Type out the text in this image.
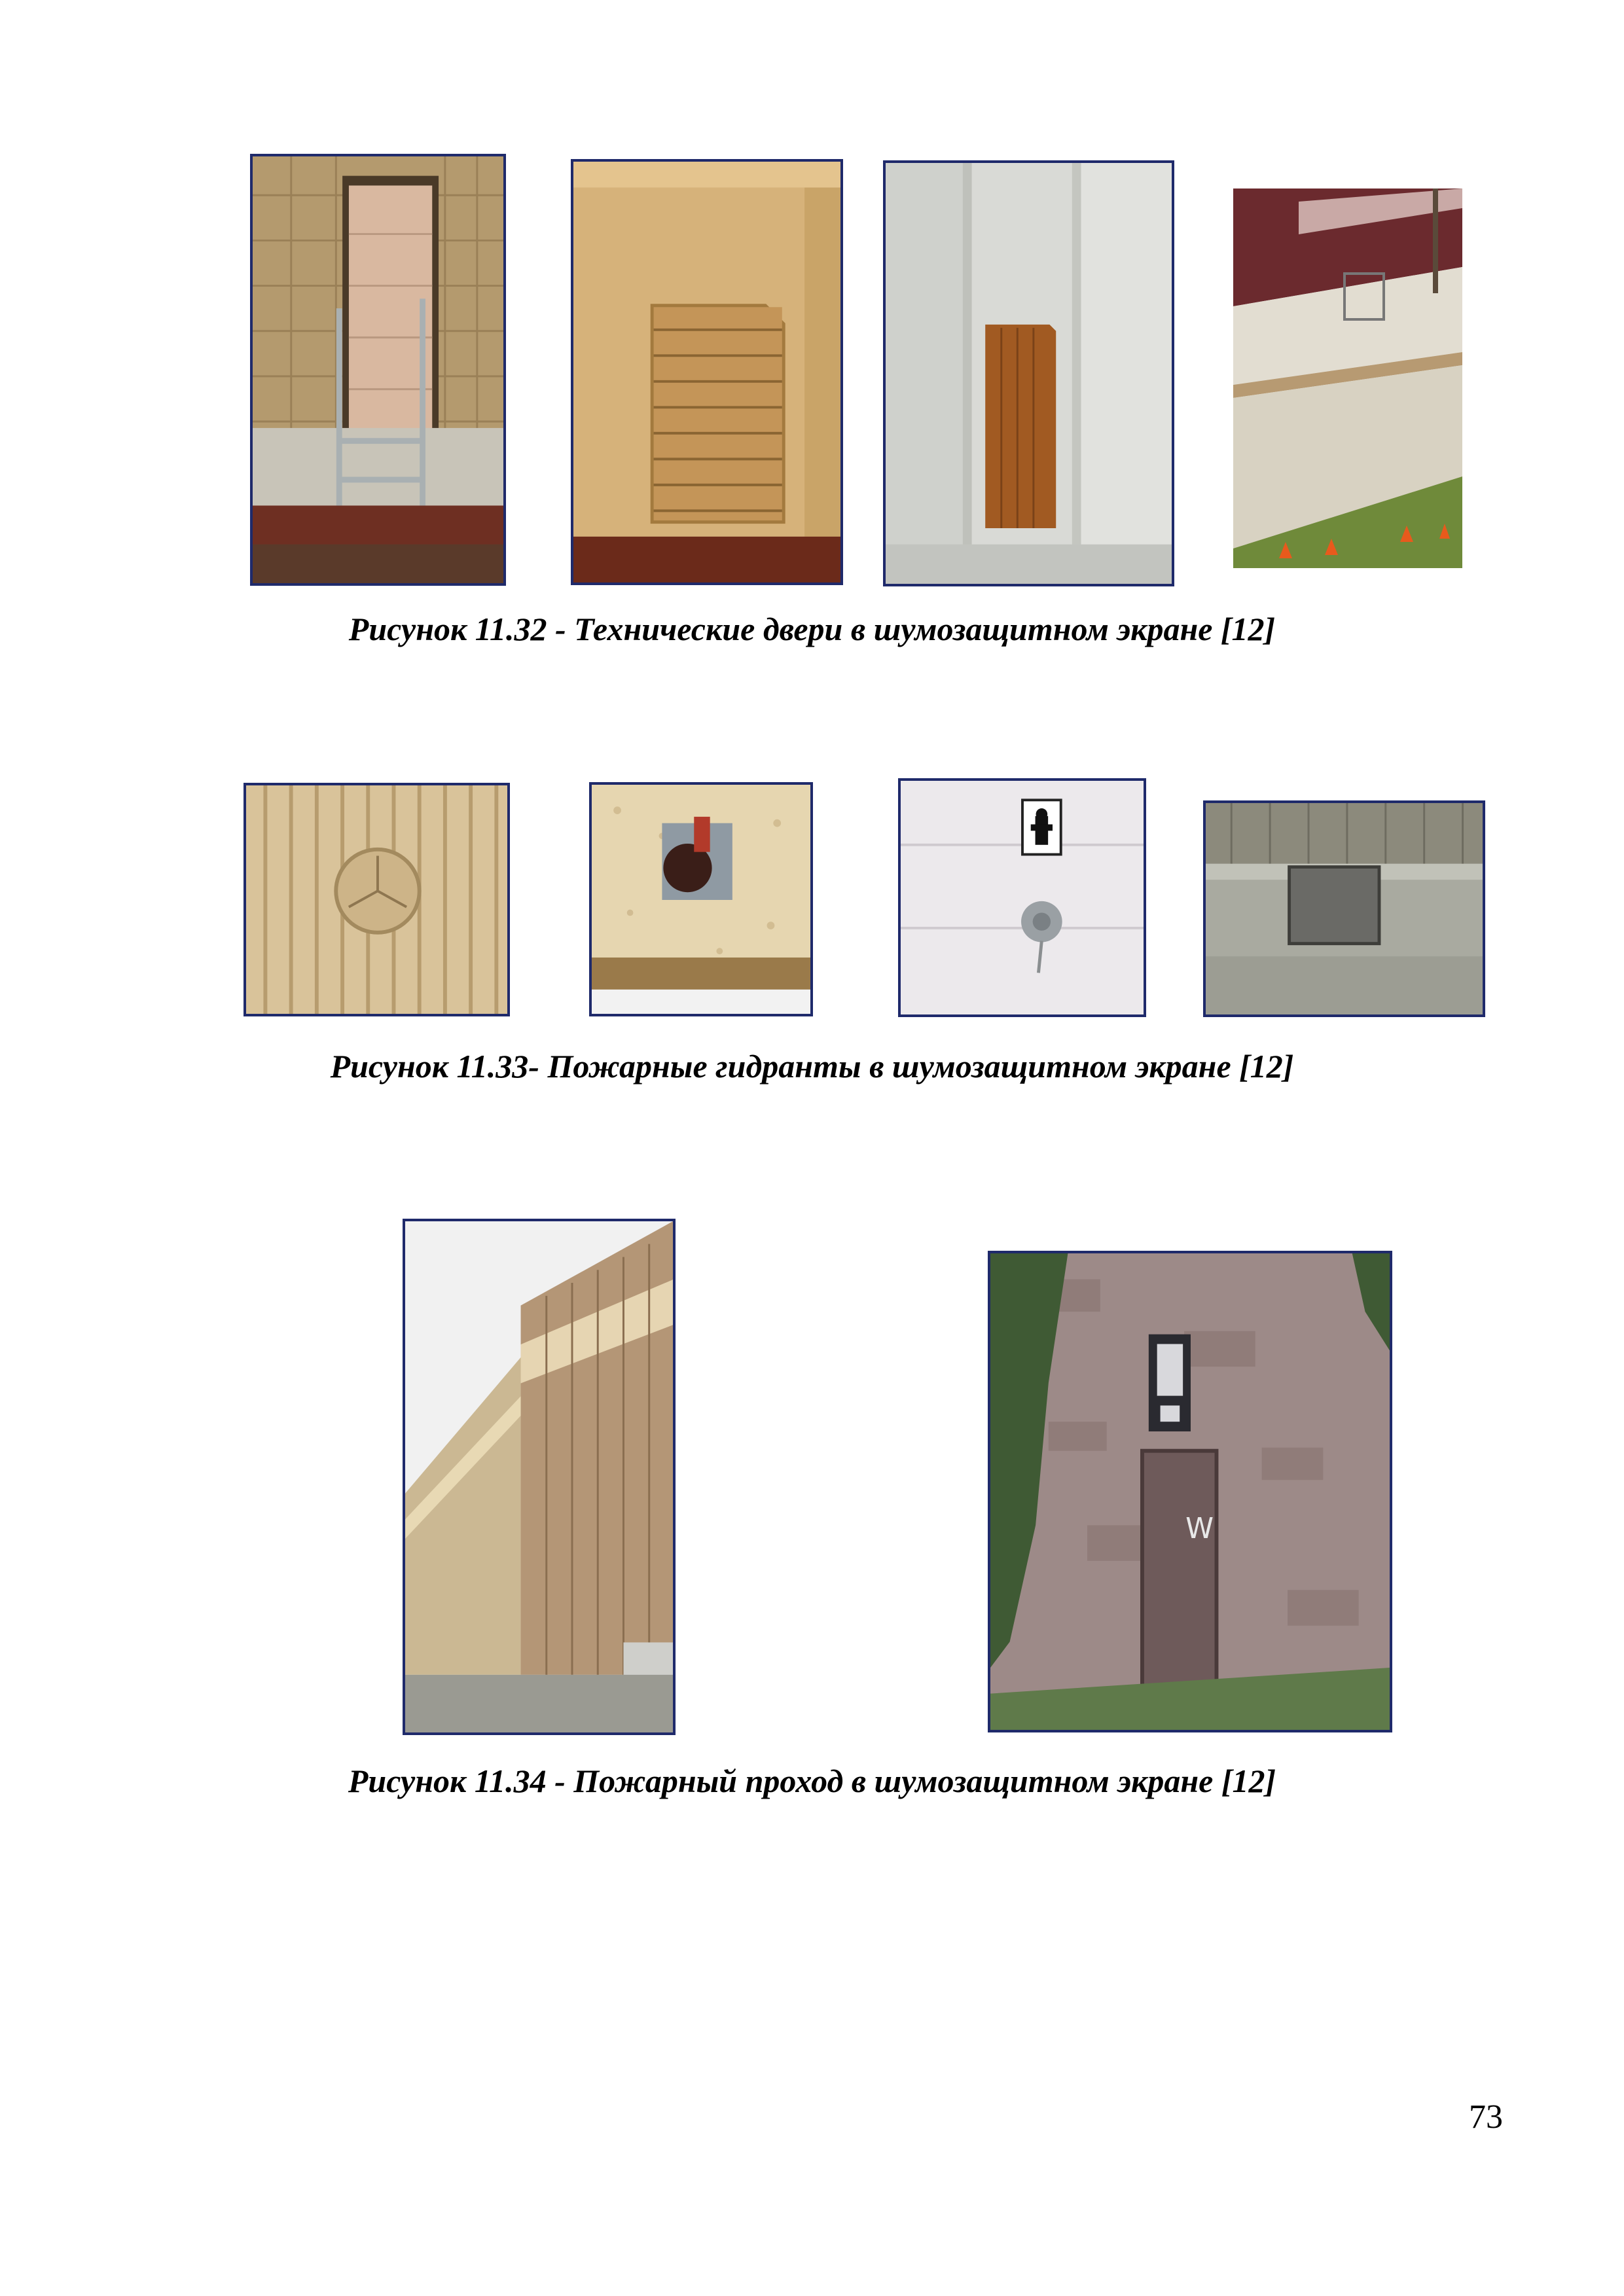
Рисунок 11.32 - Технические двери в шумозащитном экране [12]
Рисунок 11.33- Пожарные гидранты в шумозащитном экране [12]
W
Рисунок 11.34 - Пожарный проход в шумозащитном экране [12]
73
